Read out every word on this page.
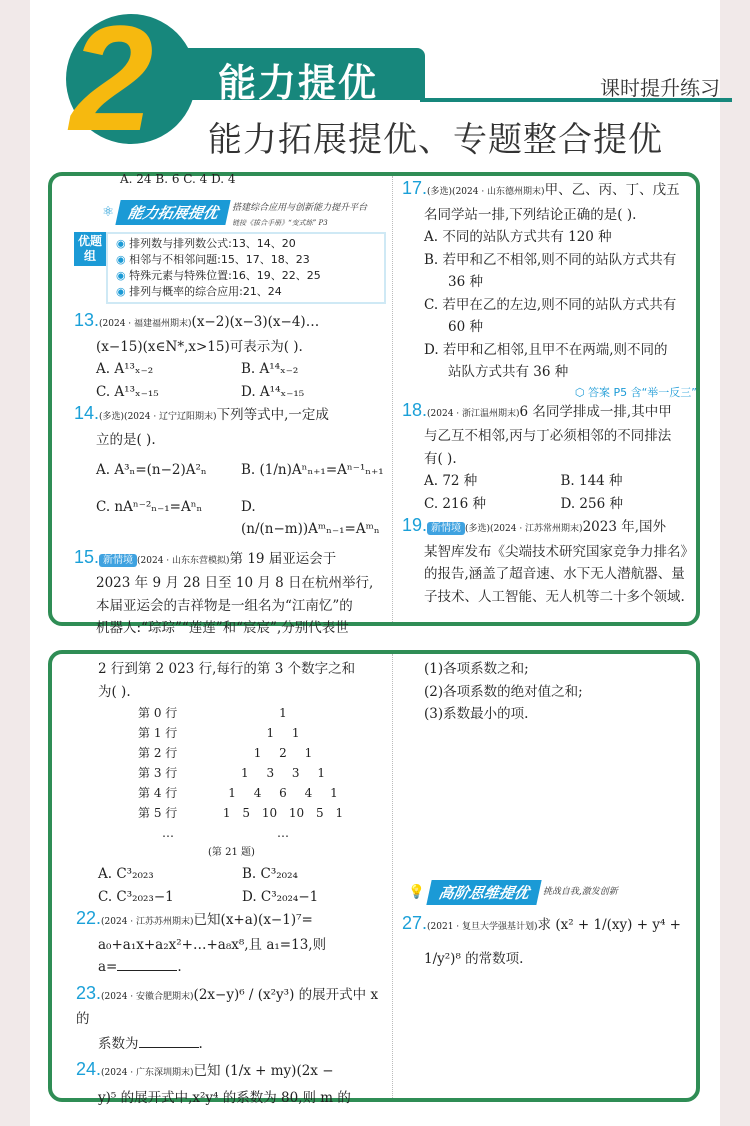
2	能力提优	课时提升练习
能力拓展提优、专题整合提优
A. 24 B. 6 C. 4 D. 4
⚛ 能力拓展提优	搭建综合应用与创新能力提升平台
链接《拔合手册》“变式练” P3
优题组
◉ 排列数与排列数公式:13、14、20
◉ 相邻与不相邻问题:15、17、18、23
◉ 特殊元素与特殊位置:16、19、22、25
◉ 排列与概率的综合应用:21、24
13.(2024 · 福建福州期末)(x−2)(x−3)(x−4)…
(x−15)(x∈N*,x>15)可表示为( ).
A. A¹³ₓ₋₂	B. A¹⁴ₓ₋₂
C. A¹³ₓ₋₁₅	D. A¹⁴ₓ₋₁₅
14.(多选)(2024 · 辽宁辽阳期末)下列等式中,一定成
立的是( ).
A. A³ₙ=(n−2)A²ₙ	B. (1/n)Aⁿₙ₊₁=Aⁿ⁻¹ₙ₊₁
C. nAⁿ⁻²ₙ₋₁=Aⁿₙ	D. (n/(n−m))Aᵐₙ₋₁=Aᵐₙ
15. 新情境 (2024 · 山东东营模拟)第 19 届亚运会于
2023 年 9 月 28 日至 10 月 8 日在杭州举行,
本届亚运会的吉祥物是一组名为“江南忆”的
机器人:“琮琮”“莲莲”和“宸宸”,分别代表世
17.(多选)(2024 · 山东德州期末)甲、乙、丙、丁、戊五
名同学站一排,下列结论正确的是( ).
A. 不同的站队方式共有 120 种
B. 若甲和乙不相邻,则不同的站队方式共有
36 种
C. 若甲在乙的左边,则不同的站队方式共有
60 种
D. 若甲和乙相邻,且甲不在两端,则不同的
站队方式共有 36 种
⬡ 答案 P5 含“举一反三”
18.(2024 · 浙江温州期末)6 名同学排成一排,其中甲
与乙互不相邻,丙与丁必须相邻的不同排法
有( ).
A. 72 种	B. 144 种
C. 216 种	D. 256 种
19. 新情境 (多选)(2024 · 江苏常州期末)2023 年,国外
某智库发布《尖端技术研究国家竞争力排名》
的报告,涵盖了超音速、水下无人潜航器、量
子技术、人工智能、无人机等二十多个领域.
2 行到第 2 023 行,每行的第 3 个数字之和
为( ).
第 0 行	1
第 1 行	1 1
第 2 行	1 2 1
第 3 行	1 3 3 1
第 4 行	1 4 6 4 1
第 5 行	1 5 10 10 5 1
…	…
(第 21 题)
A. C³₂₀₂₃	B. C³₂₀₂₄
C. C³₂₀₂₃−1	D. C³₂₀₂₄−1
22.(2024 · 江苏苏州期末)已知(x+a)(x−1)⁷=
a₀+a₁x+a₂x²+…+a₈x⁸,且 a₁=13,则
a=	.
23.(2024 · 安徽合肥期末)(2x−y)⁶ / (x²y³) 的展开式中 x 的
系数为	.
24.(2024 · 广东深圳期末)已知 (1/x + my)(2x −
y)⁵ 的展开式中,x²y⁴ 的系数为 80,则 m 的
(1)各项系数之和;
(2)各项系数的绝对值之和;
(3)系数最小的项.
💡 高阶思维提优	挑战自我,激发创新
27.(2021 · 复旦大学强基计划)求 (x² + 1/(xy) + y⁴ +
1/y²)⁸ 的常数项.
